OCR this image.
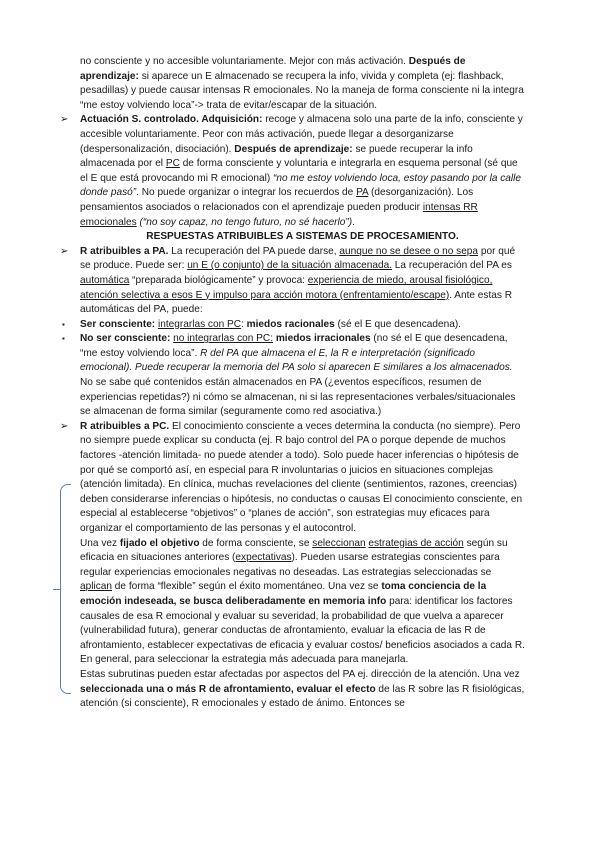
no consciente y no accesible voluntariamente. Mejor con más activación. Después de aprendizaje: si aparece un E almacenado se recupera la info, vivida y completa (ej: flashback, pesadillas) y puede causar intensas R emocionales. No la maneja de forma consciente ni la integra “me estoy volviendo loca”-> trata de evitar/escapar de la situación.
➢ Actuación S. controlado. Adquisición: recoge y almacena solo una parte de la info, consciente y accesible voluntariamente. Peor con más activación, puede llegar a desorganizarse (despersonalización, disociación). Después de aprendizaje: se puede recuperar la info almacenada por el PC de forma consciente y voluntaria e integrarla en esquema personal (sé que el E que está provocando mi R emocional) “no me estoy volviendo loca, estoy pasando por la calle donde pasó”. No puede organizar o integrar los recuerdos de PA (desorganización). Los pensamientos asociados o relacionados con el aprendizaje pueden producir intensas RR emocionales (“no soy capaz, no tengo futuro, no sé hacerlo”).
RESPUESTAS ATRIBUIBLES A SISTEMAS DE PROCESAMIENTO.
➢ R atribuibles a PA. La recuperación del PA puede darse, aunque no se desee o no sepa por qué se produce. Puede ser: un E (o conjunto) de la situación almacenada. La recuperación del PA es automática “preparada biológicamente” y provoca: experiencia de miedo, arousal fisiológico, atención selectiva a esos E y impulso para acción motora (enfrentamiento/escape). Ante estas R automáticas del PA, puede:
▪ Ser consciente: integrarlas con PC: miedos racionales (sé el E que desencadena).
▪ No ser consciente: no integrarlas con PC: miedos irracionales (no sé el E que desencadena, “me estoy volviendo loca”. R del PA que almacena el E, la R e interpretación (significado emocional). Puede recuperar la memoria del PA solo si aparecen E similares a los almacenados. No se sabe qué contenidos están almacenados en PA (¿eventos específicos, resumen de experiencias repetidas?) ni cómo se almacenan, ni si las representaciones verbales/situacionales se almacenan de forma similar (seguramente como red asociativa.)
➢ R atribuibles a PC. El conocimiento consciente a veces determina la conducta (no siempre). Pero no siempre puede explicar su conducta (ej. R bajo control del PA o porque depende de muchos factores -atención limitada- no puede atender a todo). Solo puede hacer inferencias o hipótesis de por qué se comportó así, en especial para R involuntarias o juicios en situaciones complejas (atención limitada). En clínica, muchas revelaciones del cliente (sentimientos, razones, creencias) deben considerarse inferencias o hipótesis, no conductas o causas El conocimiento consciente, en especial al establecerse “objetivos” o “planes de acción”, son estrategias muy eficaces para organizar el comportamiento de las personas y el autocontrol.
Una vez fijado el objetivo de forma consciente, se seleccionan estrategias de acción según su eficacia en situaciones anteriores (expectativas). Pueden usarse estrategias conscientes para regular experiencias emocionales negativas no deseadas. Las estrategias seleccionadas se aplican de forma “flexible” según el éxito momentáneo. Una vez se toma conciencia de la emoción indeseada, se busca deliberadamente en memoria info para: identificar los factores causales de esa R emocional y evaluar su severidad, la probabilidad de que vuelva a aparecer (vulnerabilidad futura), generar conductas de afrontamiento, evaluar la eficacia de las R de afrontamiento, establecer expectativas de eficacia y evaluar costos/ beneficios asociados a cada R. En general, para seleccionar la estrategia más adecuada para manejarla.
Estas subrutinas pueden estar afectadas por aspectos del PA ej. dirección de la atención. Una vez seleccionada una o más R de afrontamiento, evaluar el efecto de las R sobre las R fisiológicas, atención (si consciente), R emocionales y estado de ánimo. Entonces se
